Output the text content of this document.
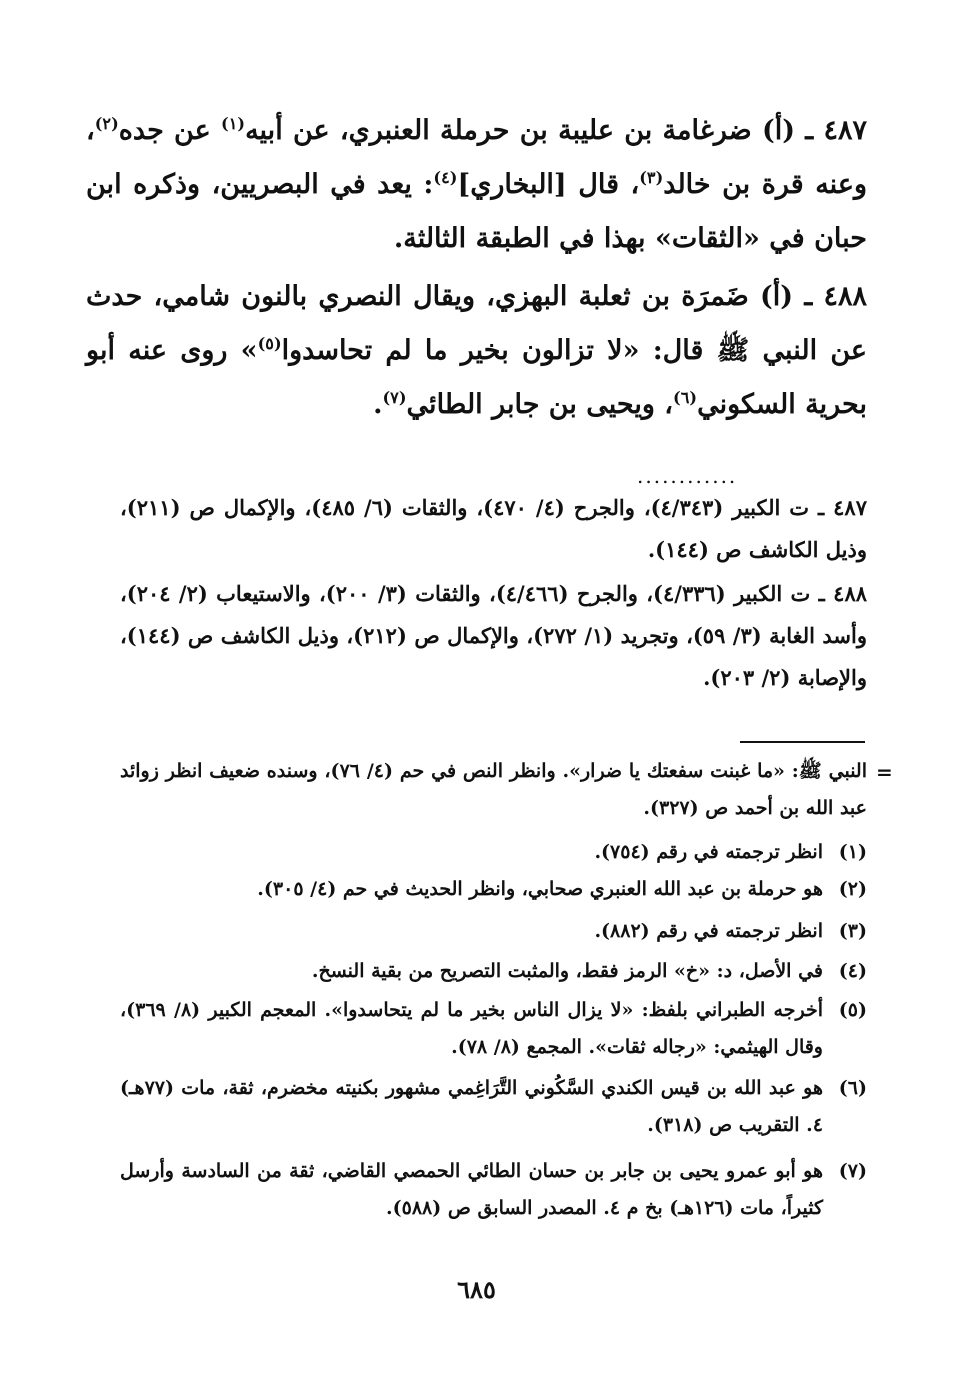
٤٨٧ ـ (أ) ضرغامة بن عليبة بن حرملة العنبري، عن أبيه$^{(١)}$ عن جده$^{(٢)}$، وعنه قرة بن خالد$^{(٣)}$، قال [البخاري]$^{(٤)}$: يعد في البصريين، وذكره ابن حبان في «الثقات» بهذا في الطبقة الثالثة.
٤٨٨ ـ (أ) ضَمرَة بن ثعلبة البهزي، ويقال النصري بالنون شامي، حدث عن النبي ﷺ قال: «لا تزالون بخير ما لم تحاسدوا$^{(٥)}$» روى عنه أبو بحرية السكوني$^{(٦)}$، ويحيى بن جابر الطائي$^{(٧)}$.
............
٤٨٧ ـ ت الكبير (٤/٣٤٣)، والجرح (٤/ ٤٧٠)، والثقات (٦/ ٤٨٥)، والإكمال ص (٢١١)، وذيل الكاشف ص (١٤٤).
٤٨٨ ـ ت الكبير (٤/٣٣٦)، والجرح (٤/٤٦٦)، والثقات (٣/ ٢٠٠)، والاستيعاب (٢/ ٢٠٤)، وأسد الغابة (٣/ ٥٩)، وتجريد (١/ ٢٧٢)، والإكمال ص (٢١٢)، وذيل الكاشف ص (١٤٤)، والإصابة (٢/ ٢٠٣).
=
النبي ﷺ: «ما غبنت سفعتك يا ضرار». وانظر النص في حم (٤/ ٧٦)، وسنده ضعيف انظر زوائد عبد الله بن أحمد ص (٣٢٧).
(١)
انظر ترجمته في رقم (٧٥٤).
(٢)
هو حرملة بن عبد الله العنبري صحابي، وانظر الحديث في حم (٤/ ٣٠٥).
(٣)
انظر ترجمته في رقم (٨٨٢).
(٤)
في الأصل، د: «خ» الرمز فقط، والمثبت التصريح من بقية النسخ.
(٥)
أخرجه الطبراني بلفظ: «لا يزال الناس بخير ما لم يتحاسدوا». المعجم الكبير (٨/ ٣٦٩)، وقال الهيثمي: «رجاله ثقات». المجمع (٨/ ٧٨).
(٦)
هو عبد الله بن قيس الكندي السَّكُوني التَّرَاغِمي مشهور بكنيته مخضرم، ثقة، مات (٧٧هـ) ٤. التقريب ص (٣١٨).
(٧)
هو أبو عمرو يحيى بن جابر بن حسان الطائي الحمصي القاضي، ثقة من السادسة وأرسل كثيراً، مات (١٢٦هـ) بخ م ٤. المصدر السابق ص (٥٨٨).
٦٨٥
